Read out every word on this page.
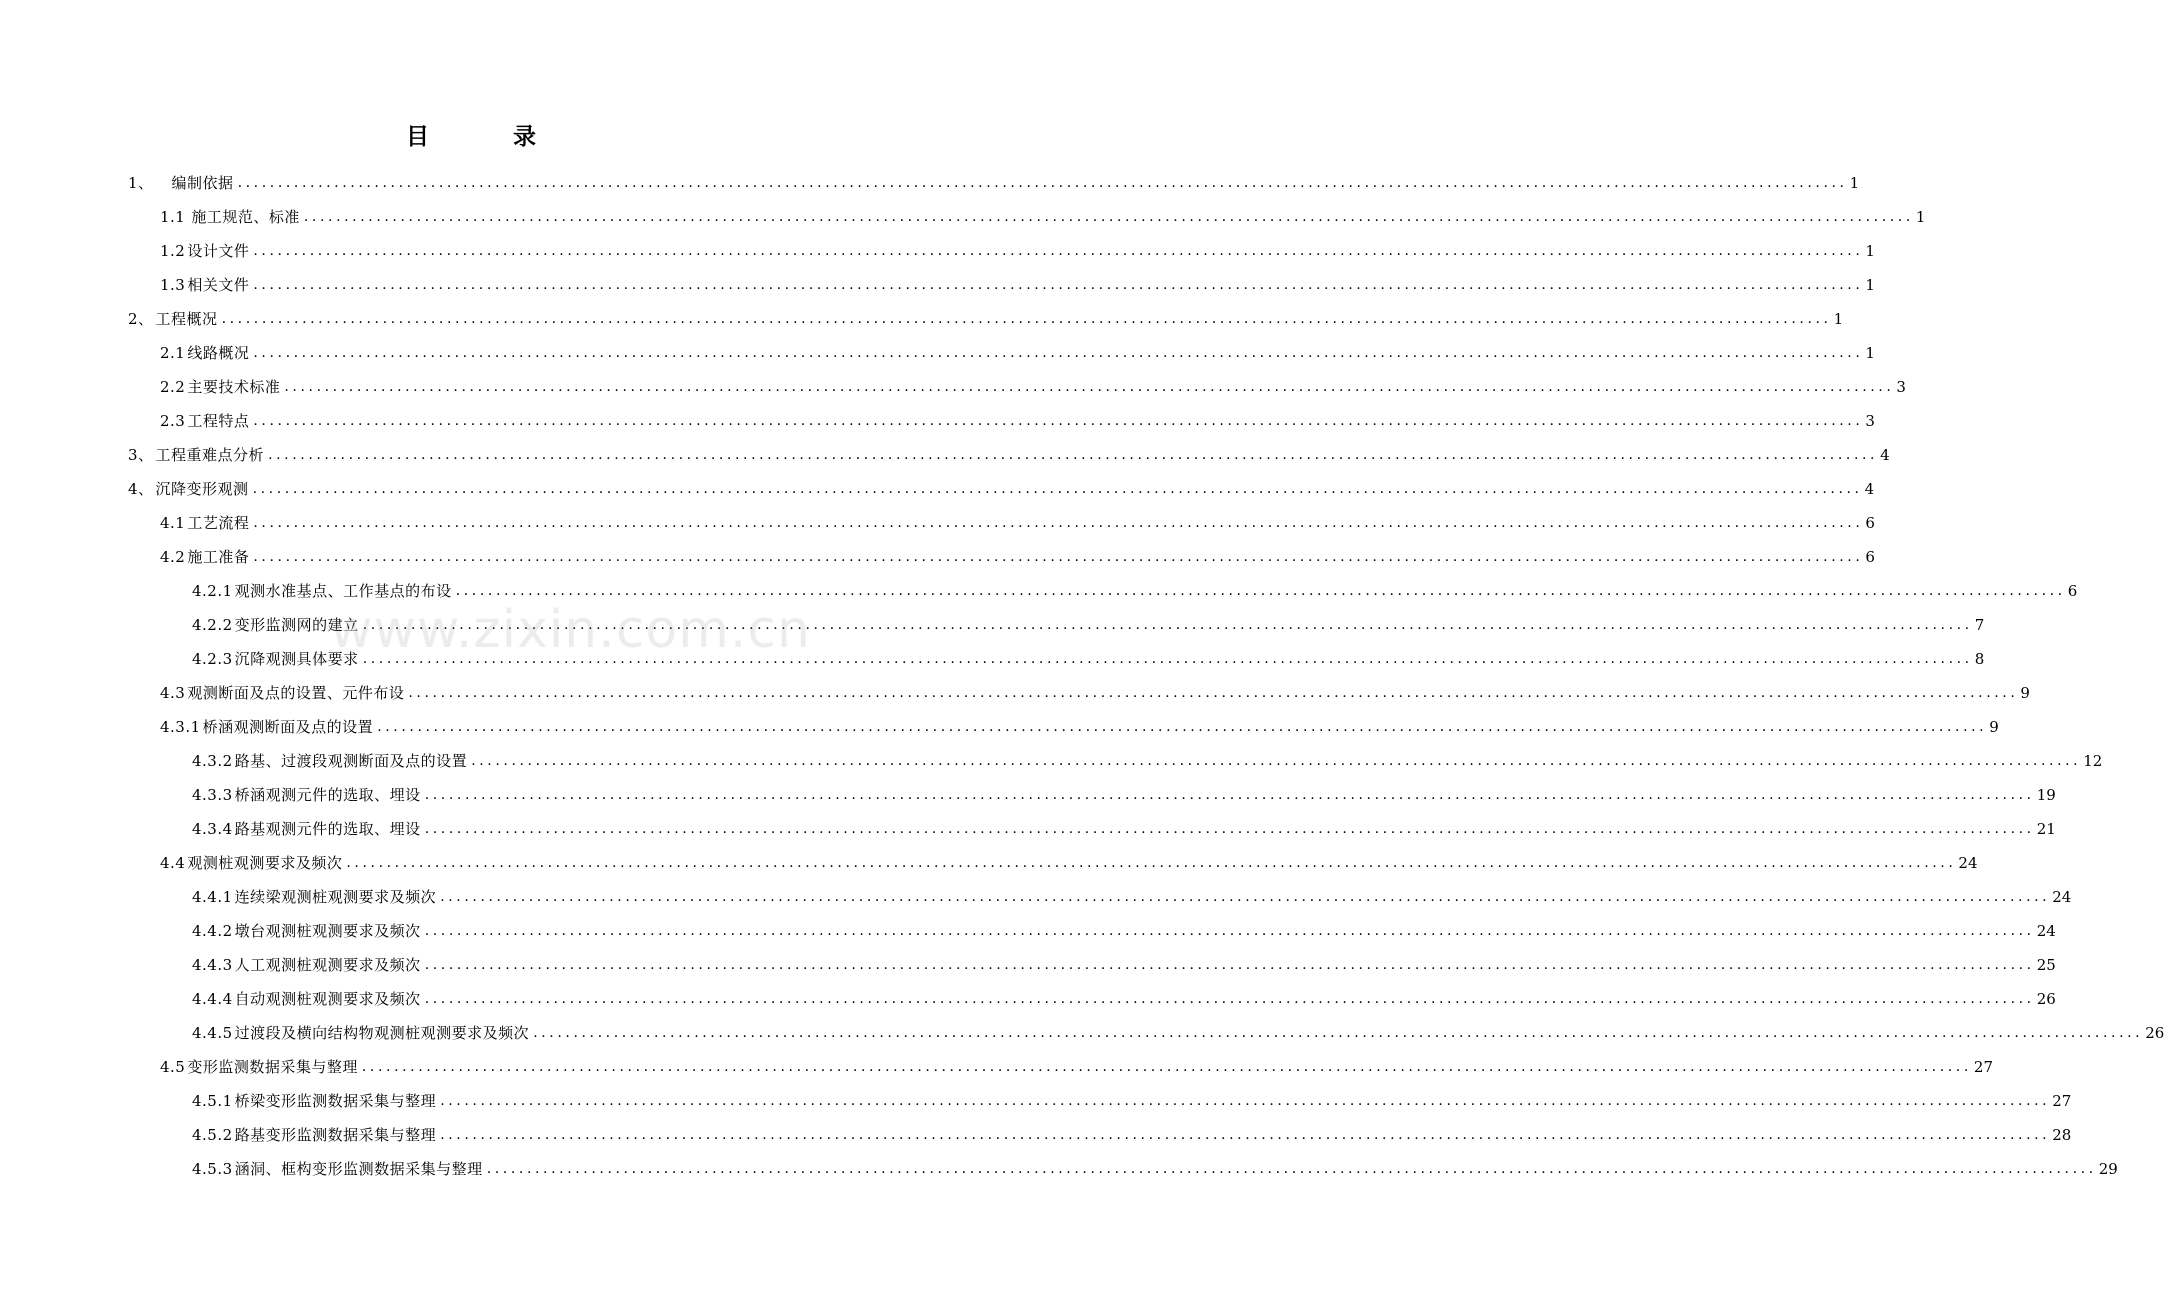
目 录
1、 编制依据 ........................................................................................................................................................................................................ 1
1.1 施工规范、标准 ........................................................................................................................................................................................................ 1
1.2 设计文件 ........................................................................................................................................................................................................ 1
1.3 相关文件 ........................................................................................................................................................................................................ 1
2、 工程概况 ........................................................................................................................................................................................................ 1
2.1 线路概况 ........................................................................................................................................................................................................ 1
2.2 主要技术标准 ........................................................................................................................................................................................................ 3
2.3 工程特点 ........................................................................................................................................................................................................ 3
3、 工程重难点分析 ........................................................................................................................................................................................................ 4
4、 沉降变形观测 ........................................................................................................................................................................................................ 4
4.1 工艺流程 ........................................................................................................................................................................................................ 6
4.2 施工准备 ........................................................................................................................................................................................................ 6
4.2.1 观测水准基点、工作基点的布设 ........................................................................................................................................................................................................ 6
4.2.2 变形监测网的建立 ........................................................................................................................................................................................................ 7
4.2.3 沉降观测具体要求 ........................................................................................................................................................................................................ 8
4.3 观测断面及点的设置、元件布设 ........................................................................................................................................................................................................ 9
4.3.1 桥涵观测断面及点的设置 ........................................................................................................................................................................................................ 9
4.3.2 路基、过渡段观测断面及点的设置 ........................................................................................................................................................................................................ 12
4.3.3 桥涵观测元件的选取、埋设 ........................................................................................................................................................................................................ 19
4.3.4 路基观测元件的选取、埋设 ........................................................................................................................................................................................................ 21
4.4 观测桩观测要求及频次 ........................................................................................................................................................................................................ 24
4.4.1 连续梁观测桩观测要求及频次 ........................................................................................................................................................................................................ 24
4.4.2 墩台观测桩观测要求及频次 ........................................................................................................................................................................................................ 24
4.4.3 人工观测桩观测要求及频次 ........................................................................................................................................................................................................ 25
4.4.4 自动观测桩观测要求及频次 ........................................................................................................................................................................................................ 26
4.4.5 过渡段及横向结构物观测桩观测要求及频次 ........................................................................................................................................................................................................ 26
4.5 变形监测数据采集与整理 ........................................................................................................................................................................................................ 27
4.5.1 桥梁变形监测数据采集与整理 ........................................................................................................................................................................................................ 27
4.5.2 路基变形监测数据采集与整理 ........................................................................................................................................................................................................ 28
4.5.3 涵洞、框构变形监测数据采集与整理 ........................................................................................................................................................................................................ 29
www.zixin.com.cn
